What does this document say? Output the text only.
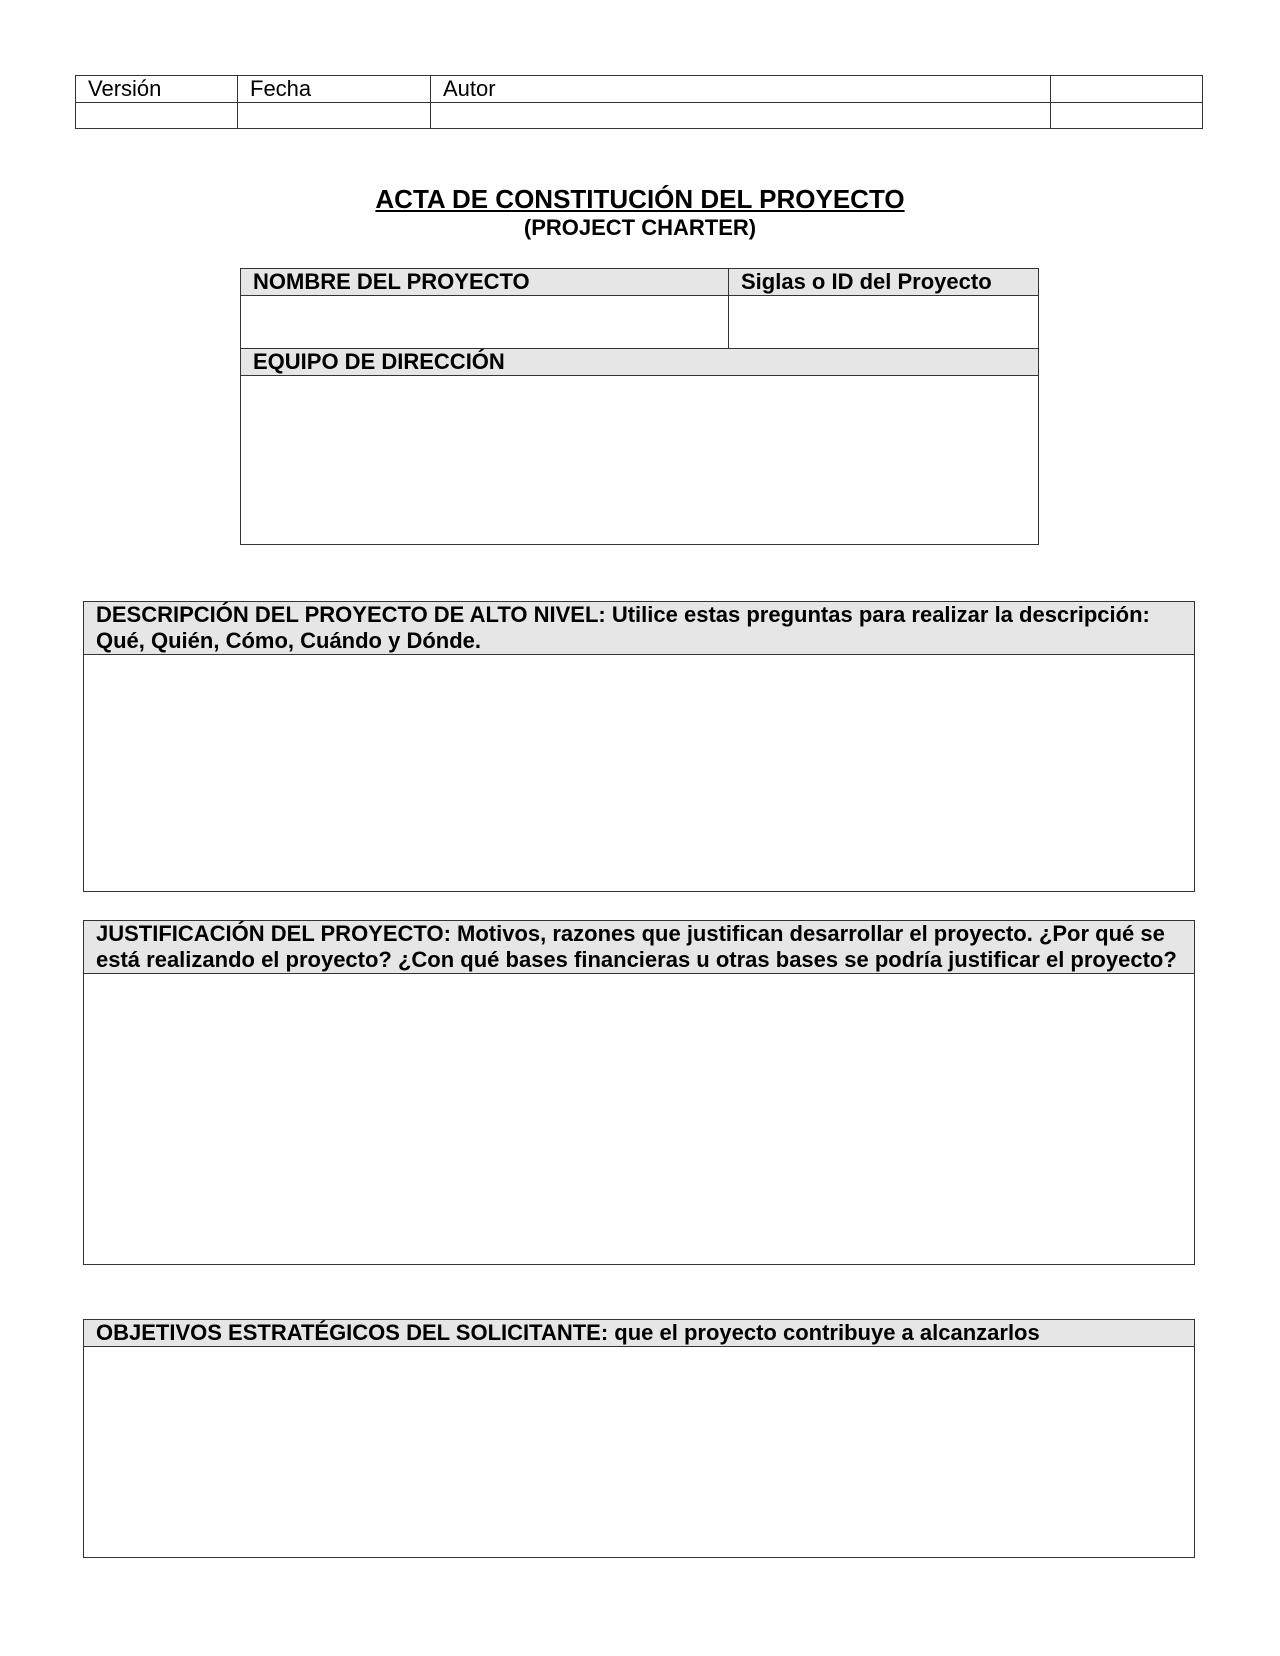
Versión	Fecha	Autor	

ACTA DE CONSTITUCIÓN DEL PROYECTO
(PROJECT CHARTER)
NOMBRE DEL PROYECTO	Siglas o ID del Proyecto

EQUIPO DE DIRECCIÓN	

DESCRIPCIÓN DEL PROYECTO DE ALTO NIVEL: Utilice estas preguntas para realizar la descripción: Qué, Quién, Cómo, Cuándo y Dónde.

JUSTIFICACIÓN DEL PROYECTO: Motivos, razones que justifican desarrollar el proyecto. ¿Por qué se está realizando el proyecto? ¿Con qué bases financieras u otras bases se podría justificar el proyecto?

OBJETIVOS ESTRATÉGICOS DEL SOLICITANTE: que el proyecto contribuye a alcanzarlos
